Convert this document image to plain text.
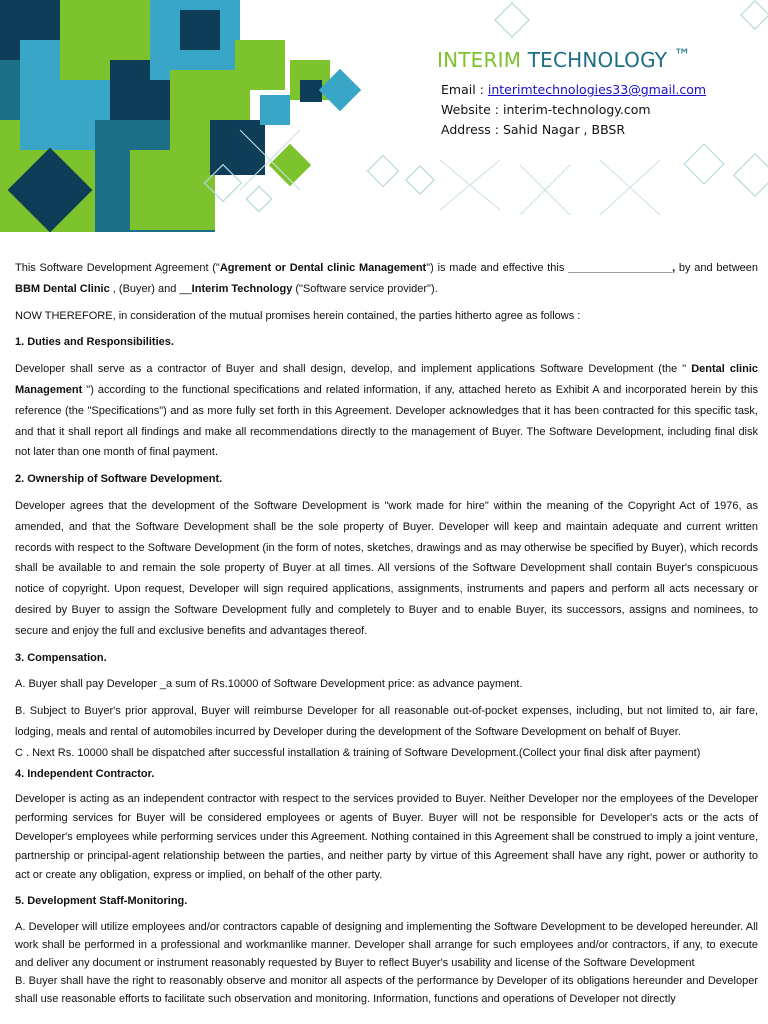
INTERIM TECHNOLOGY ™
Email : interimtechnologies33@gmail.com
Website : interim-technology.com
Address : Sahid Nagar , BBSR

This Software Development Agreement ("Agrement or Dental clinic Management") is made and effective this _________________, by and between BBM Dental Clinic , (Buyer) and __Interim Technology ("Software service provider").

NOW THEREFORE, in consideration of the mutual promises herein contained, the parties hitherto agree as follows :

1. Duties and Responsibilities.

Developer shall serve as a contractor of Buyer and shall design, develop, and implement applications Software Development (the " Dental clinic Management ") according to the functional specifications and related information, if any, attached hereto as Exhibit A and incorporated herein by this reference (the "Specifications") and as more fully set forth in this Agreement. Developer acknowledges that it has been contracted for this specific task, and that it shall report all findings and make all recommendations directly to the management of Buyer. The Software Development, including final disk not later than one month of final payment.

2. Ownership of Software Development.

Developer agrees that the development of the Software Development is "work made for hire" within the meaning of the Copyright Act of 1976, as amended, and that the Software Development shall be the sole property of Buyer. Developer will keep and maintain adequate and current written records with respect to the Software Development (in the form of notes, sketches, drawings and as may otherwise be specified by Buyer), which records shall be available to and remain the sole property of Buyer at all times. All versions of the Software Development shall contain Buyer's conspicuous notice of copyright. Upon request, Developer will sign required applications, assignments, instruments and papers and perform all acts necessary or desired by Buyer to assign the Software Development fully and completely to Buyer and to enable Buyer, its successors, assigns and nominees, to secure and enjoy the full and exclusive benefits and advantages thereof.

3. Compensation.

A. Buyer shall pay Developer _a sum of Rs.10000 of Software Development price: as advance payment.

B. Subject to Buyer's prior approval, Buyer will reimburse Developer for all reasonable out-of-pocket expenses, including, but not limited to, air fare, lodging, meals and rental of automobiles incurred by Developer during the development of the Software Development on behalf of Buyer.

C . Next Rs. 10000 shall be dispatched after successful installation & training of Software Development.(Collect your final disk after payment)

4. Independent Contractor.

Developer is acting as an independent contractor with respect to the services provided to Buyer. Neither Developer nor the employees of the Developer performing services for Buyer will be considered employees or agents of Buyer. Buyer will not be responsible for Developer's acts or the acts of Developer's employees while performing services under this Agreement. Nothing contained in this Agreement shall be construed to imply a joint venture, partnership or principal-agent relationship between the parties, and neither party by virtue of this Agreement shall have any right, power or authority to act or create any obligation, express or implied, on behalf of the other party.

5. Development Staff-Monitoring.

A. Developer will utilize employees and/or contractors capable of designing and implementing the Software Development to be developed hereunder. All work shall be performed in a professional and workmanlike manner. Developer shall arrange for such employees and/or contractors, if any, to execute and deliver any document or instrument reasonably requested by Buyer to reflect Buyer's usability and license of the Software Development

B. Buyer shall have the right to reasonably observe and monitor all aspects of the performance by Developer of its obligations hereunder and Developer shall use reasonable efforts to facilitate such observation and monitoring. Information, functions and operations of Developer not directly
